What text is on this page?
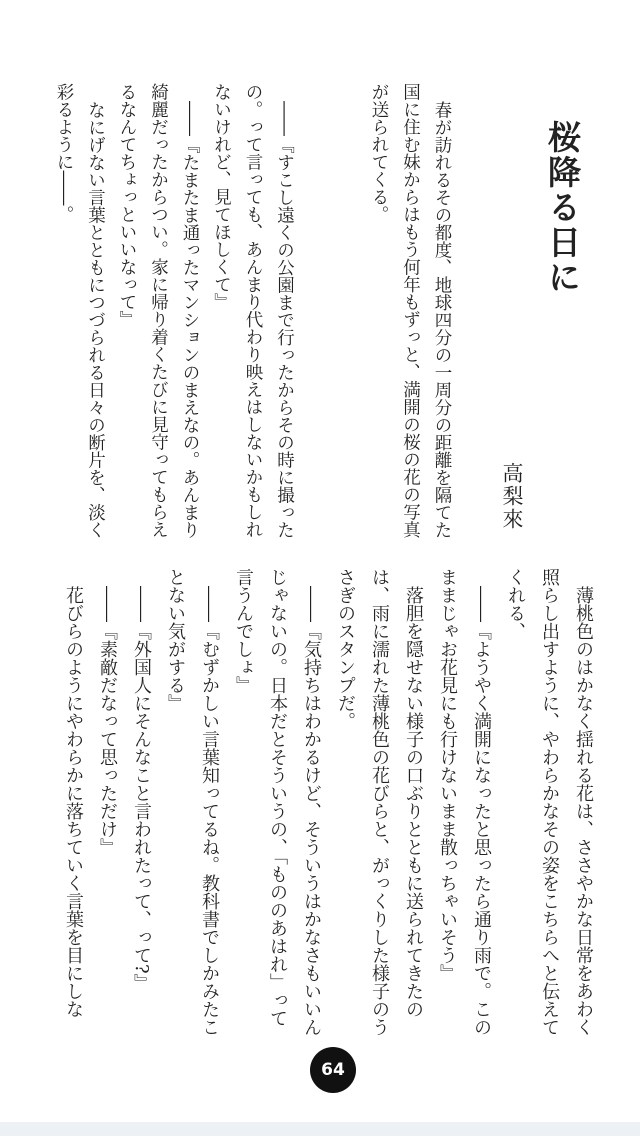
桜降る日に
高梨來

春が訪れるその都度、地球四分の一周分の距離を隔てた国に住む妹からはもう何年もずっと、満開の桜の花の写真が送られてくる。

――『すこし遠くの公園まで行ったからその時に撮ったの。って言っても、あんまり代わり映えはしないかもしれないけれど、見てほしくて』

――『たまたま通ったマンションのまえなの。あんまり綺麗だったからつい。家に帰り着くたびに見守ってもらえるなんてちょっといいなって』

なにげない言葉とともにつづられる日々の断片を、淡く彩るように――。

薄桃色のはかなく揺れる花は、ささやかな日常をあわく照らし出すように、やわらかなその姿をこちらへと伝えてくれる、

――『ようやく満開になったと思ったら通り雨で。このままじゃお花見にも行けないまま散っちゃいそう』

落胆を隠せない様子の口ぶりとともに送られてきたのは、雨に濡れた薄桃色の花びらと、がっくりした様子のうさぎのスタンプだ。

――『気持ちはわかるけど、そういうはかなさもいいんじゃないの。日本だとそういうの、「もののあはれ」って言うんでしょ』

――『むずかしい言葉知ってるね。教科書でしかみたことない気がする』

――『外国人にそんなこと言われたって、って?』

――『素敵だなって思っただけ』

花びらのようにやわらかに落ちていく言葉を目にしな

64
